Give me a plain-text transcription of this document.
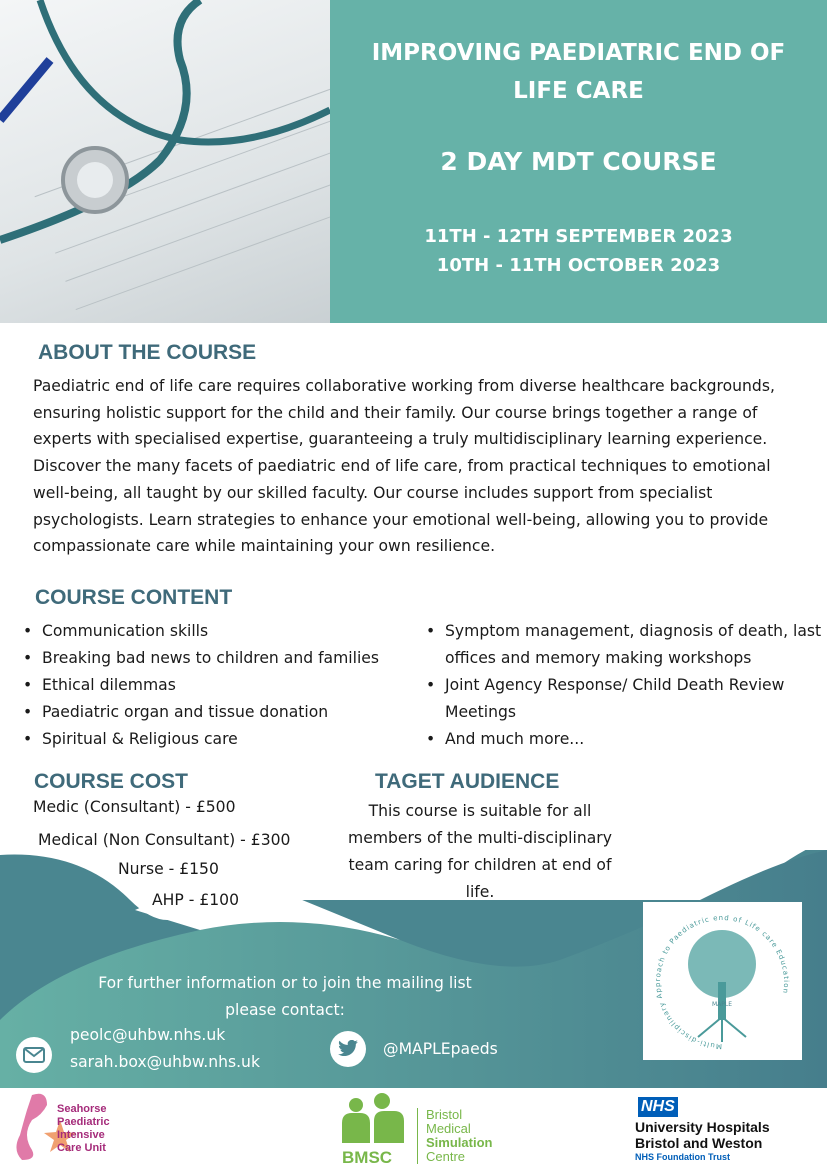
IMPROVING PAEDIATRIC END OF LIFE CARE
2 DAY MDT COURSE
11TH - 12TH SEPTEMBER 2023
10TH - 11TH OCTOBER 2023
ABOUT THE COURSE
Paediatric end of life care requires collaborative working from diverse healthcare backgrounds, ensuring holistic support for the child and their family. Our course brings together a range of experts with specialised expertise, guaranteeing a truly multidisciplinary learning experience. Discover the many facets of paediatric end of life care, from practical techniques to emotional well-being, all taught by our skilled faculty. Our course includes support from specialist psychologists. Learn strategies to enhance your emotional well-being, allowing you to provide compassionate care while maintaining your own resilience.
COURSE CONTENT
• Communication skills
• Breaking bad news to children and families
• Ethical dilemmas
• Paediatric organ and tissue donation
• Spiritual & Religious care
• Symptom management, diagnosis of death, last offices and memory making workshops
• Joint Agency Response/ Child Death Review Meetings
• And much more...
COURSE COST
Medic (Consultant) - £500
Medical (Non Consultant) - £300
Nurse - £150
AHP - £100
TAGET AUDIENCE
This course is suitable for all members of the multi-disciplinary team caring for children at end of life.
For further information or to join the mailing list please contact:
peolc@uhbw.nhs.uk
sarah.box@uhbw.nhs.uk
@MAPLEpaeds	Multi-disciplinary Approach to Paediatric end of Life care Education
MAPLE
Seahorse
Paediatric
Intensive
Care Unit	BMSC
Bristol
Medical
Simulation
Centre
NHS
University Hospitals
Bristol and Weston
NHS Foundation Trust
